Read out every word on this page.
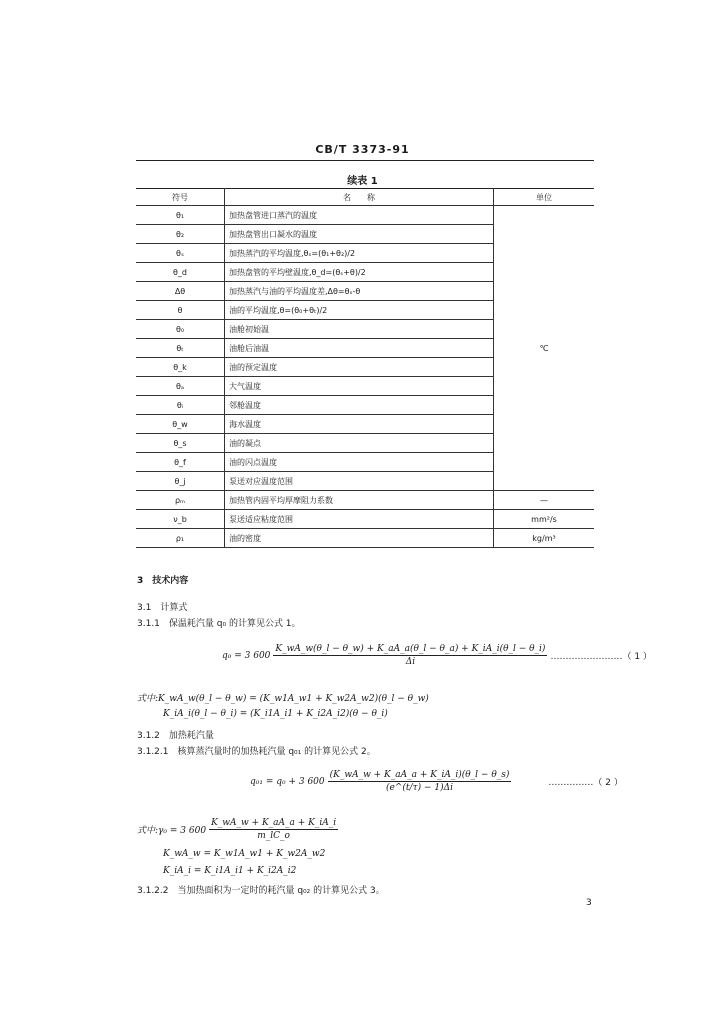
CB/T 3373-91
续表 1
符号	名　　称	单位
θ₁	加热盘管进口蒸汽的温度	℃
θ₂	加热盘管出口凝水的温度	
θₛ	加热蒸汽的平均温度,θₛ=(θ₁+θ₂)/2	
θ_d	加热盘管的平均壁温度,θ_d=(θₛ+θ)/2	
Δθ	加热蒸汽与油的平均温度差,Δθ=θₛ-θ	
θ	油的平均温度,θ=(θ₀+θₜ)/2	
θ₀	油舱初始温	
θₜ	油舱后油温	
θ_k	油的预定温度	
θₐ	大气温度	
θᵢ	邻舱温度	
θ_w	海水温度	
θ_s	油的凝点	
θ_f	油的闪点温度	
θ_j	泵送对应温度范围	
ρₘ	加热管内固平均厚摩阻力系数	—
ν_b	泵送适应粘度范围	mm²/s
ρ₁	油的密度	kg/m³
3　技术内容
3.1　计算式
3.1.1　保温耗汽量 q₀ 的计算见公式 1。
q₀ = 3 $600 \frac{K\_wA\_w(\theta\_l - \theta\_w) + K\_aA\_a(\theta\_l - \theta\_a) + K\_iA\_i(\theta\_l - \theta\_i)}{\Delta i}$ ……………………（ 1 ）
式中:K_wA_w(θ_l − θ_w) = (K_w1A_w1 + K_w2A_w2)(θ_l − θ_w)
K_iA_i(θ_l − θ_i) = (K_i1A_i1 + K_i2A_i2)(θ − θ_i)
3.1.2　加热耗汽量
3.1.2.1　核算蒸汽量时的加热耗汽量 q₀₁ 的计算见公式 2。
q₀₁ = q₀ + 3 $600 \frac{(K\_wA\_w + K\_aA\_a + K\_iA\_i)(\theta\_l - \theta\_s)}{(e\^{}(t/\tau) - 1)\Delta i}$	……………（ 2 ）
式中:γ₀ = 3 $600 \frac{K\_wA\_w + K\_aA\_a + K\_iA\_i}{m\_lC\_o}$
K_wA_w = K_w1A_w1 + K_w2A_w2
K_iA_i = K_i1A_i1 + K_i2A_i2
3.1.2.2　当加热面积为一定时的耗汽量 q₀₂ 的计算见公式 3。
3
